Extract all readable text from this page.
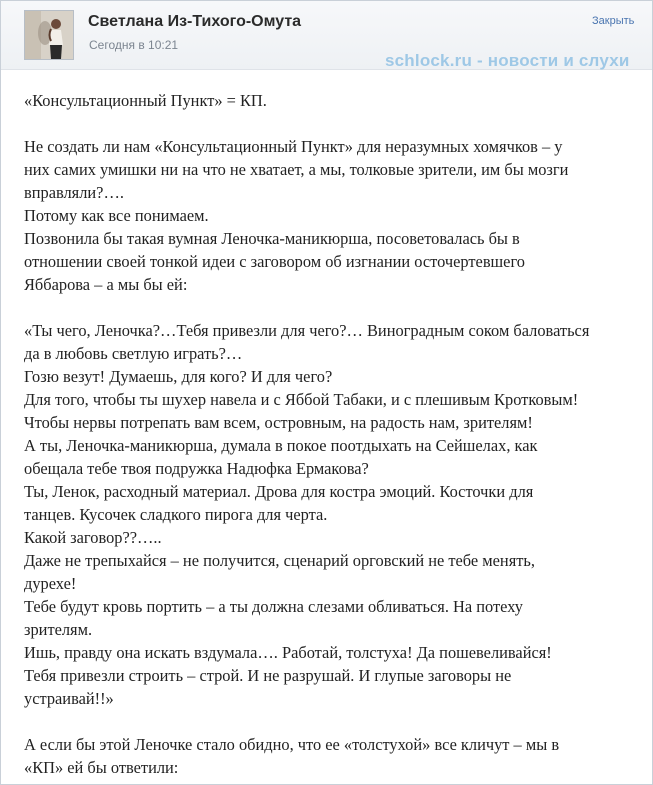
Светлана Из-Тихого-Омута
Сегодня в 10:21
Закрыть
schlock.ru - новости и слухи

«Консультационный Пункт» = КП.

Не создать ли нам «Консультационный Пункт» для неразумных хомячков – у

них самих умишки ни на что не хватает, а мы, толковые зрители, им бы мозги

вправляли?….

Потому как все понимаем.

Позвонила бы такая вумная Леночка-маникюрша, посоветовалась бы в

отношении своей тонкой идеи с заговором об изгнании осточертевшего

Яббарова – а мы бы ей:

«Ты чего, Леночка?…Тебя привезли для чего?… Виноградным соком баловаться

да в любовь светлую играть?…

Гозю везут! Думаешь, для кого? И для чего?

Для того, чтобы ты шухер навела и с Яббой Табаки, и с плешивым Кротковым!

Чтобы нервы потрепать вам всем, островным, на радость нам, зрителям!

А ты, Леночка-маникюрша, думала в покое поотдыхать на Сейшелах, как

обещала тебе твоя подружка Надюфка Ермакова?

Ты, Ленок, расходный материал. Дрова для костра эмоций. Косточки для

танцев. Кусочек сладкого пирога для черта.

Какой заговор??…..

Даже не трепыхайся – не получится, сценарий орговский не тебе менять,

дурехе!

Тебе будут кровь портить – а ты должна слезами обливаться. На потеху

зрителям.

Ишь, правду она искать вздумала…. Работай, толстуха! Да пошевеливайся!

Тебя привезли строить – строй. И не разрушай. И глупые заговоры не

устраивай!!»

А если бы этой Леночке стало обидно, что ее «толстухой» все кличут – мы в

«КП» ей бы ответили:
